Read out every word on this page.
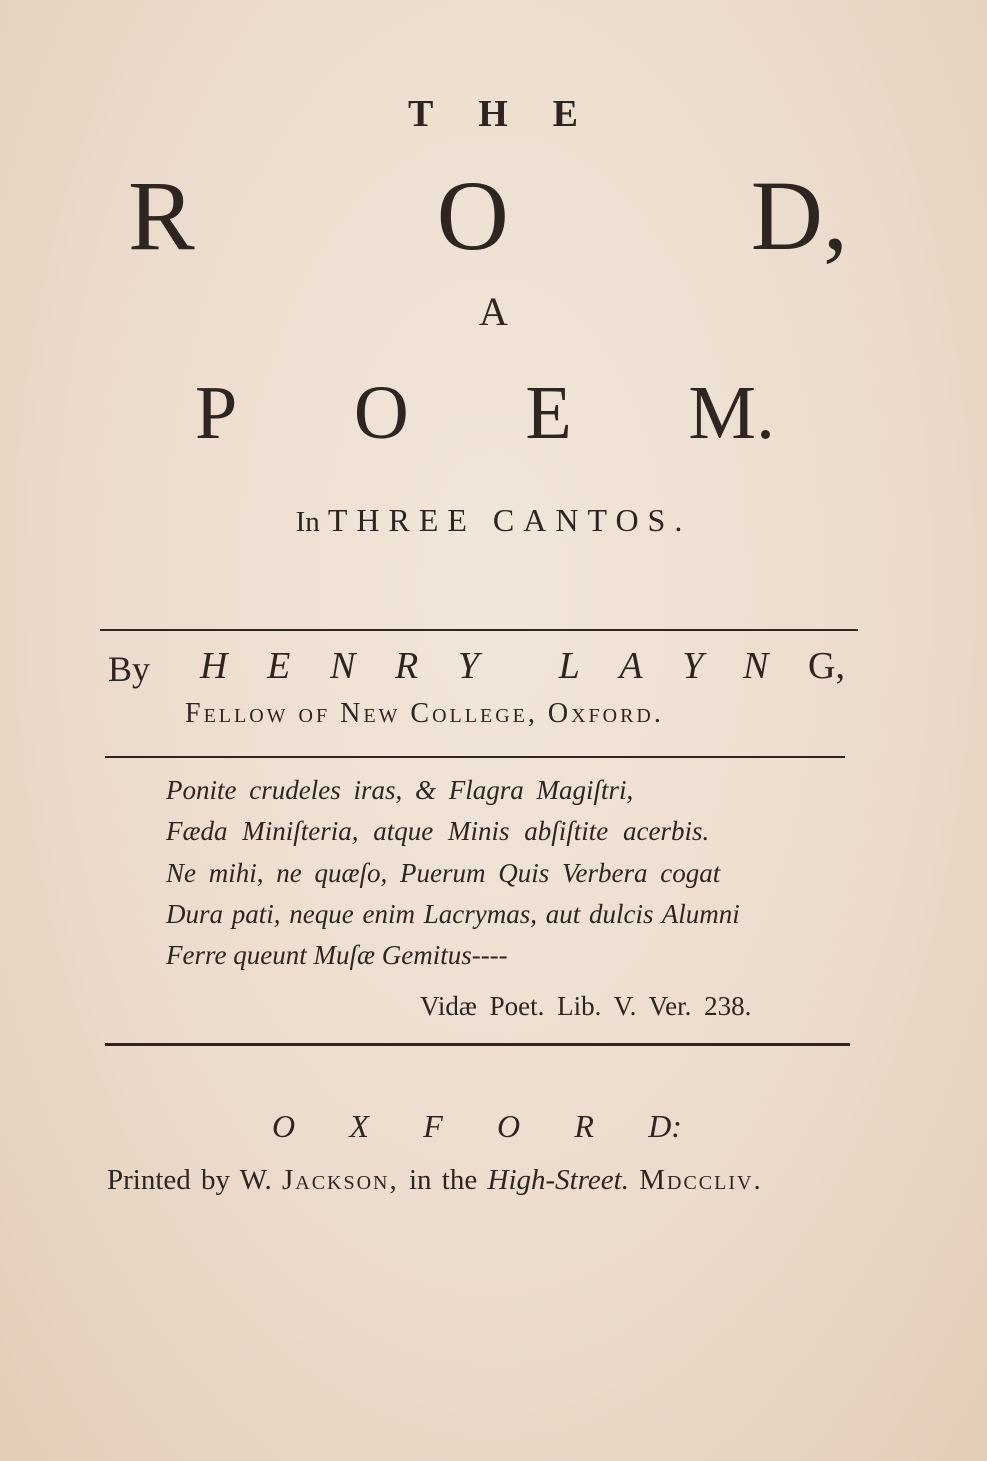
T H E
R O D,
A
P O E M.
In THREE CANTOS.
By H E N R Y L A Y N G,
Fellow of New College, Oxford.
Ponite crudeles iras, & Flagra Magiſtri,
Fæda Miniſteria, atque Minis abſiſtite acerbis.
Ne mihi, ne quæſo, Puerum Quis Verbera cogat
Dura pati, neque enim Lacrymas, aut dulcis Alumni
Ferre queunt Muſæ Gemitus----
Vidæ Poet. Lib. V. Ver. 238.
O X F O R D:
Printed by W. Jackson, in the High-Street. Mdccliv.
